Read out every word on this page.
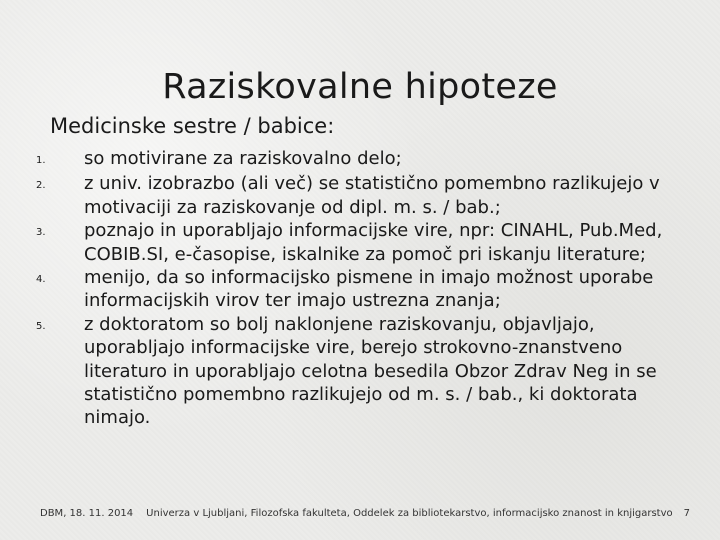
Raziskovalne hipoteze
Medicinske sestre / babice:
1.	so motivirane za raziskovalno delo;
2.	z univ. izobrazbo (ali več) se statistično pomembno razlikujejo v motivaciji za raziskovanje od dipl. m. s. / bab.;
3.	poznajo in uporabljajo informacijske vire, npr: CINAHL, Pub.Med, COBIB.SI, e-časopise, iskalnike za pomoč pri iskanju literature;
4.	menijo, da so informacijsko pismene in imajo možnost uporabe informacijskih virov ter imajo ustrezna znanja;
5.	z doktoratom so bolj naklonjene raziskovanju, objavljajo, uporabljajo informacijske vire, berejo strokovno-znanstveno literaturo in uporabljajo celotna besedila Obzor Zdrav Neg in se statistično pomembno razlikujejo od m. s. / bab., ki doktorata nimajo.
DBM, 18. 11. 2014 Univerza v Ljubljani, Filozofska fakulteta, Oddelek za bibliotekarstvo, informacijsko znanost in knjigarstvo 7
